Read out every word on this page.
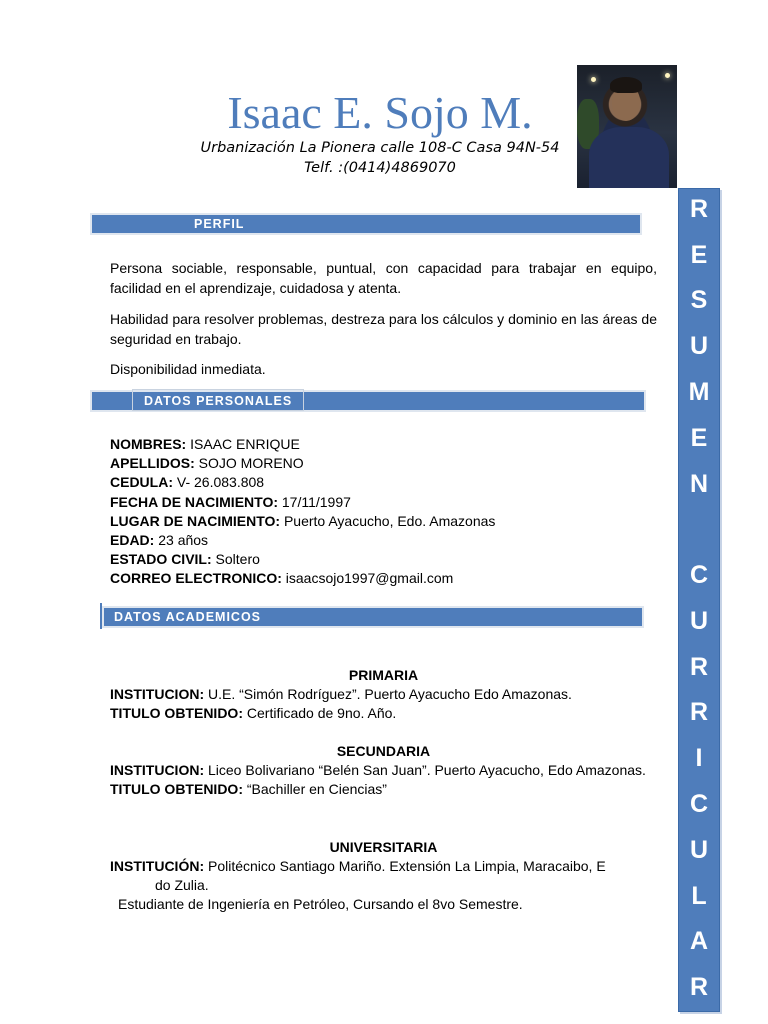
Isaac E. Sojo M.
Urbanización La Pionera calle 108-C Casa 94N-54
Telf. :(0414)4869070
PERFIL
Persona sociable, responsable, puntual, con capacidad para trabajar en equipo, facilidad en el aprendizaje, cuidadosa y atenta.
Habilidad para resolver problemas, destreza para los cálculos y dominio en las áreas de seguridad en trabajo.
Disponibilidad inmediata.
DATOS PERSONALES
NOMBRES: ISAAC ENRIQUE
APELLIDOS: SOJO MORENO
CEDULA: V- 26.083.808
FECHA DE NACIMIENTO: 17/11/1997
LUGAR DE NACIMIENTO: Puerto Ayacucho, Edo. Amazonas
EDAD: 23 años
ESTADO CIVIL: Soltero
CORREO ELECTRONICO: isaacsojo1997@gmail.com
DATOS ACADEMICOS
PRIMARIA
INSTITUCION: U.E. “Simón Rodríguez”. Puerto Ayacucho Edo Amazonas.
TITULO OBTENIDO: Certificado de 9no. Año.
SECUNDARIA
INSTITUCION: Liceo Bolivariano “Belén San Juan”. Puerto Ayacucho, Edo Amazonas.
TITULO OBTENIDO: “Bachiller en Ciencias”
UNIVERSITARIA
INSTITUCIÓN: Politécnico Santiago Mariño. Extensión La Limpia, Maracaibo, E
do Zulia.
Estudiante de Ingeniería en Petróleo, Cursando el 8vo Semestre.
R
E
S
U
M
E
N
C
U
R
R
I
C
U
L
A
R
